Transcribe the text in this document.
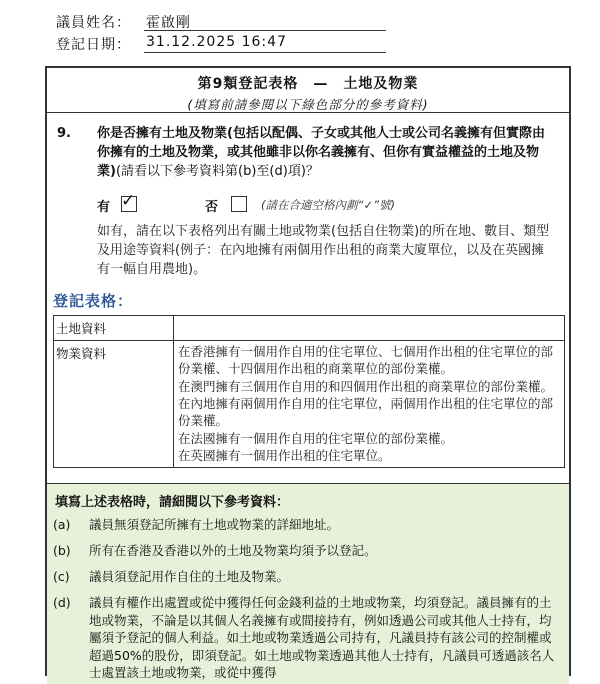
議員姓名： 霍啟剛
登記日期： 31.12.2025 16:47
第9類登記表格　—　土地及物業
(填寫前請參閱以下綠色部分的參考資料)
9. 你是否擁有土地及物業(包括以配偶、子女或其他人士或公司名義擁有但實際由你擁有的土地及物業，或其他雖非以你名義擁有、但你有實益權益的土地及物業)(請看以下參考資料第(b)至(d)項)？
有 ✓	否	(請在合適空格內劃“✓”號)
如有，請在以下表格列出有關土地或物業(包括自住物業)的所在地、數目、類型及用途等資料(例子：在內地擁有兩個用作出租的商業大廈單位，以及在英國擁有一幅自用農地)。
登記表格：
土地資料
物業資料	在香港擁有一個用作自用的住宅單位、七個用作出租的住宅單位的部份業權、十四個用作出租的商業單位的部份業權。
在澳門擁有三個用作自用的和四個用作出租的商業單位的部份業權。
在內地擁有兩個用作自用的住宅單位，兩個用作出租的住宅單位的部份業權。
在法國擁有一個用作自用的住宅單位的部份業權。
在英國擁有一個用作出租的住宅單位。
填寫上述表格時，請細閱以下參考資料：
(a) 議員無須登記所擁有土地或物業的詳細地址。
(b) 所有在香港及香港以外的土地及物業均須予以登記。
(c) 議員須登記用作自住的土地及物業。
(d) 議員有權作出處置或從中獲得任何金錢利益的土地或物業，均須登記。議員擁有的土地或物業，不論是以其個人名義擁有或間接持有，例如透過公司或其他人士持有，均屬須予登記的個人利益。如土地或物業透過公司持有，凡議員持有該公司的控制權或超過50%的股份，即須登記。如土地或物業透過其他人士持有，凡議員可透過該名人士處置該土地或物業，或從中獲得
